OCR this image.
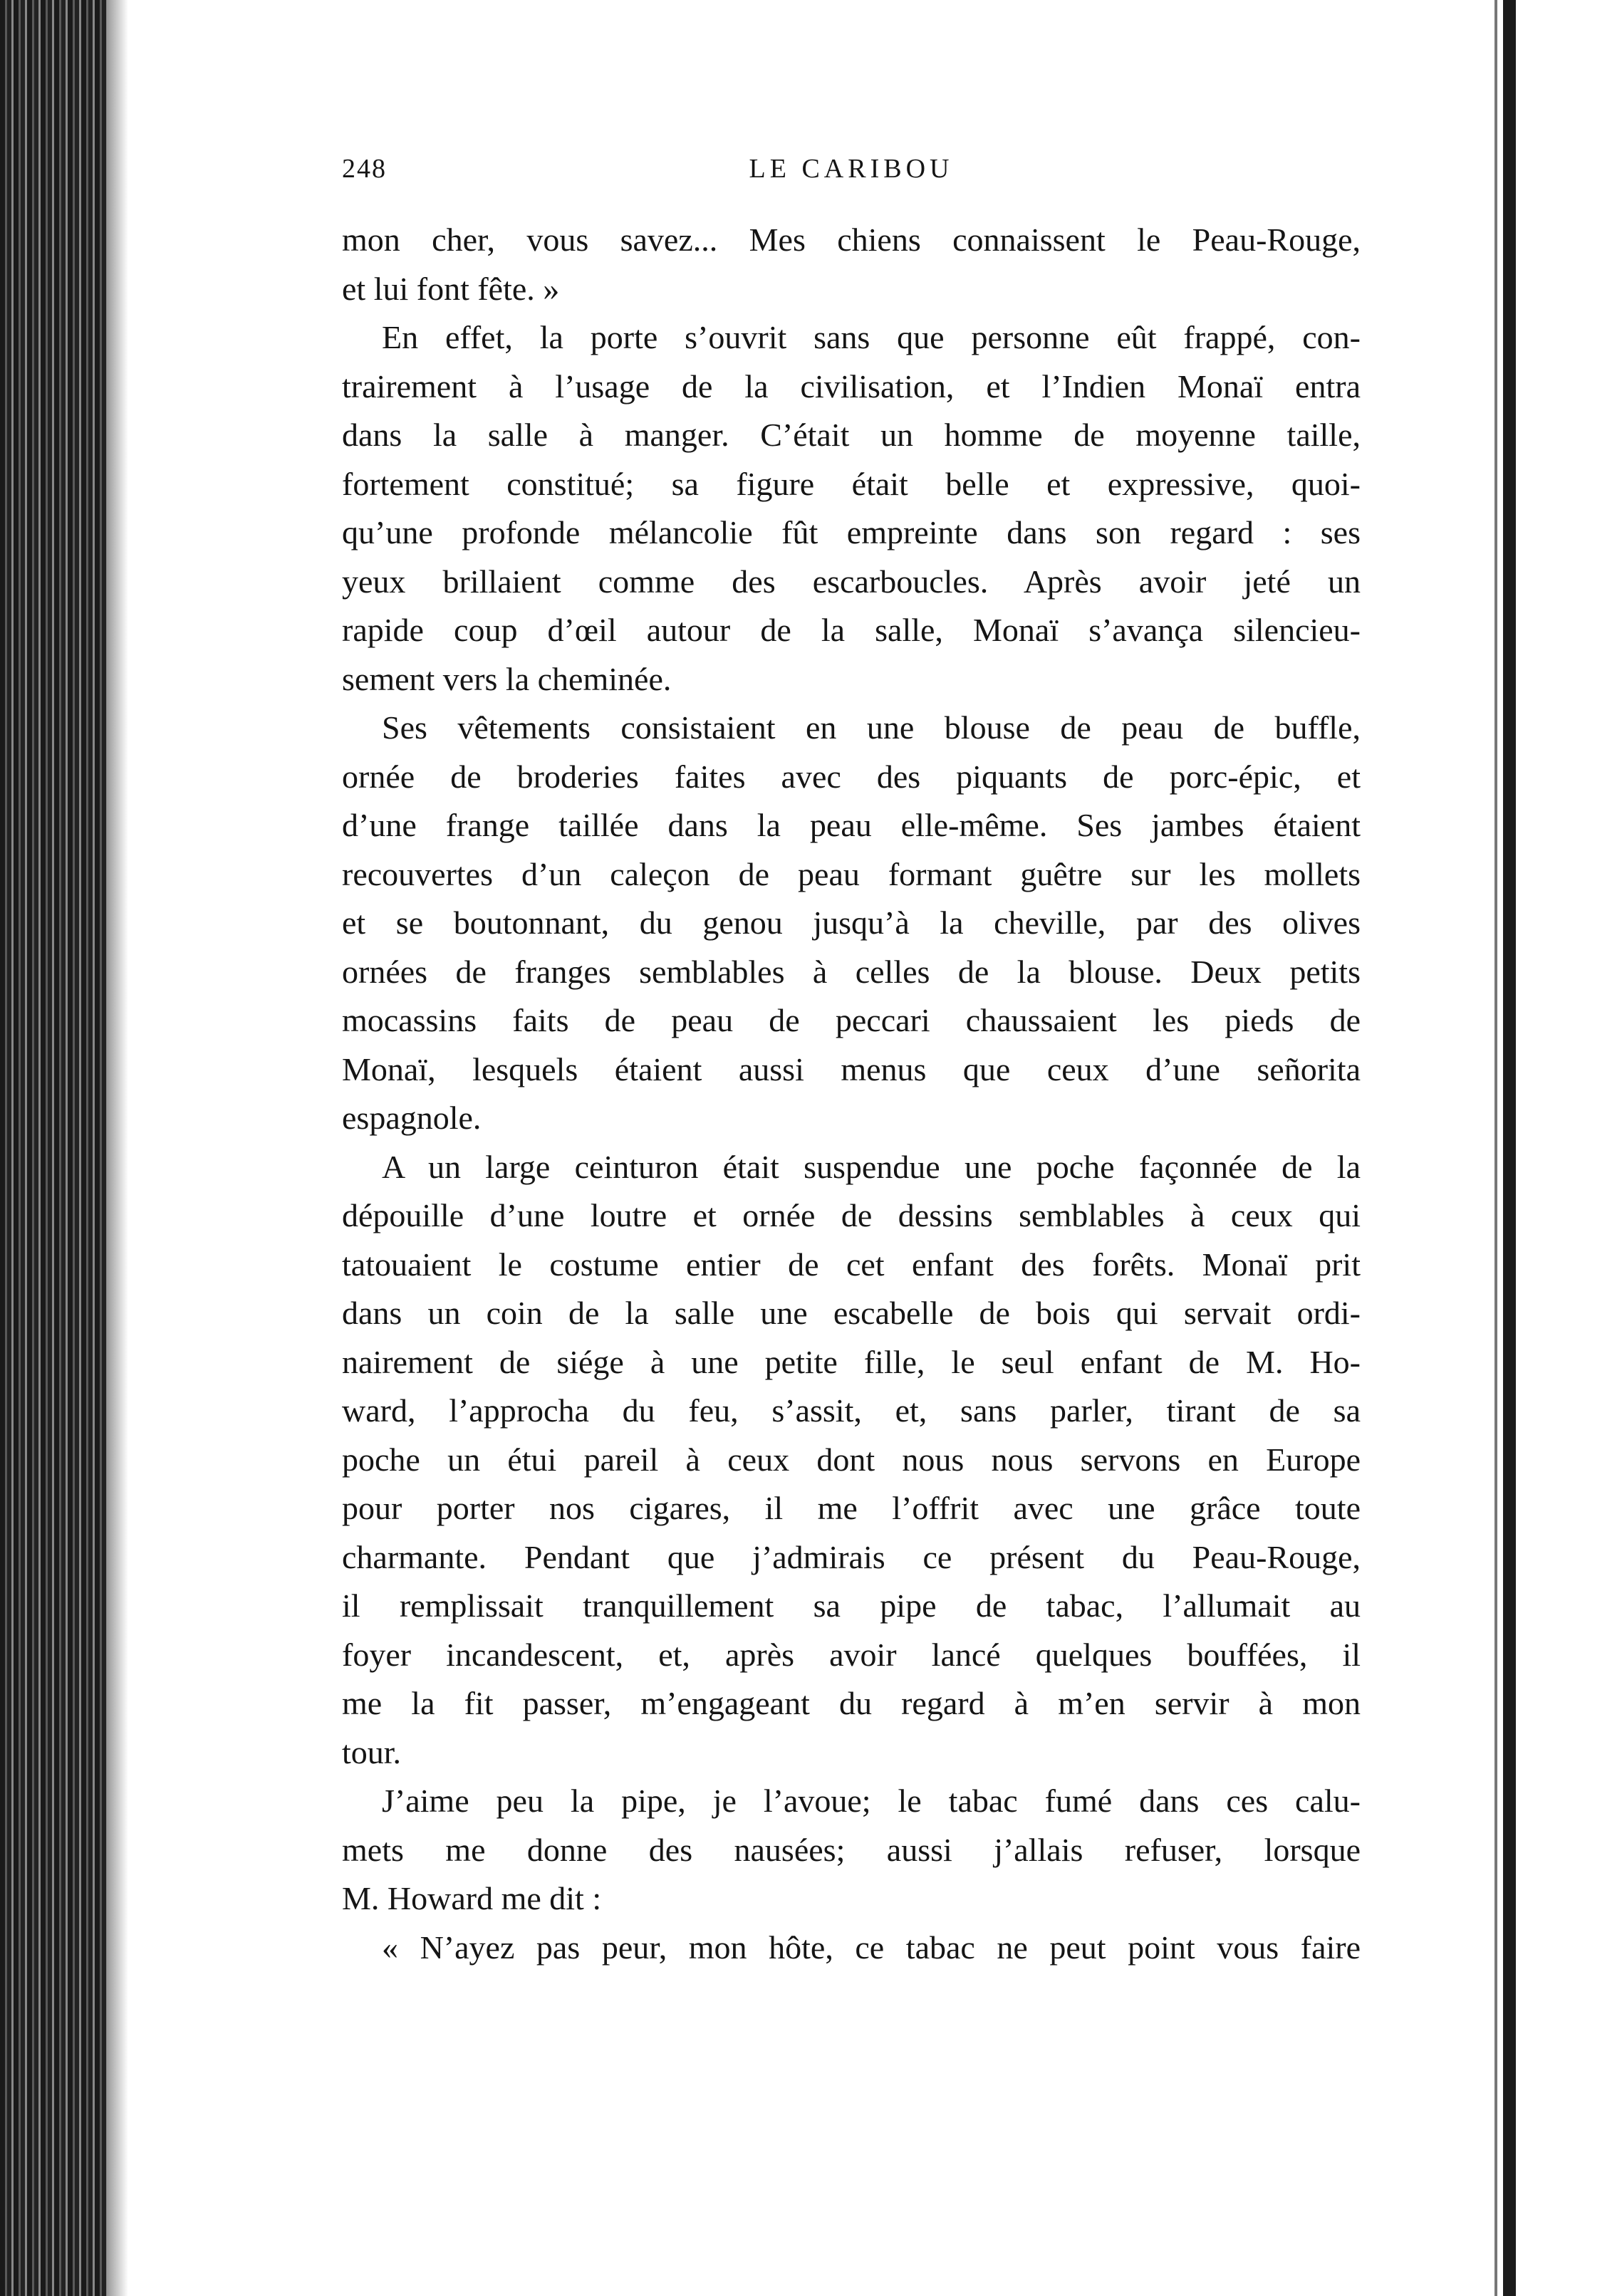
248	LE CARIBOU
mon cher, vous savez... Mes chiens connaissent le Peau-Rouge,
et lui font fête. »
En effet, la porte s’ouvrit sans que personne eût frappé, con-
trairement à l’usage de la civilisation, et l’Indien Monaï entra
dans la salle à manger. C’était un homme de moyenne taille,
fortement constitué; sa figure était belle et expressive, quoi-
qu’une profonde mélancolie fût empreinte dans son regard : ses
yeux brillaient comme des escarboucles. Après avoir jeté un
rapide coup d’œil autour de la salle, Monaï s’avança silencieu-
sement vers la cheminée.
Ses vêtements consistaient en une blouse de peau de buffle,
ornée de broderies faites avec des piquants de porc-épic, et
d’une frange taillée dans la peau elle-même. Ses jambes étaient
recouvertes d’un caleçon de peau formant guêtre sur les mollets
et se boutonnant, du genou jusqu’à la cheville, par des olives
ornées de franges semblables à celles de la blouse. Deux petits
mocassins faits de peau de peccari chaussaient les pieds de
Monaï, lesquels étaient aussi menus que ceux d’une señorita
espagnole.
A un large ceinturon était suspendue une poche façonnée de la
dépouille d’une loutre et ornée de dessins semblables à ceux qui
tatouaient le costume entier de cet enfant des forêts. Monaï prit
dans un coin de la salle une escabelle de bois qui servait ordi-
nairement de siége à une petite fille, le seul enfant de M. Ho-
ward, l’approcha du feu, s’assit, et, sans parler, tirant de sa
poche un étui pareil à ceux dont nous nous servons en Europe
pour porter nos cigares, il me l’offrit avec une grâce toute
charmante. Pendant que j’admirais ce présent du Peau-Rouge,
il remplissait tranquillement sa pipe de tabac, l’allumait au
foyer incandescent, et, après avoir lancé quelques bouffées, il
me la fit passer, m’engageant du regard à m’en servir à mon
tour.
J’aime peu la pipe, je l’avoue; le tabac fumé dans ces calu-
mets me donne des nausées; aussi j’allais refuser, lorsque
M. Howard me dit :
« N’ayez pas peur, mon hôte, ce tabac ne peut point vous faire
